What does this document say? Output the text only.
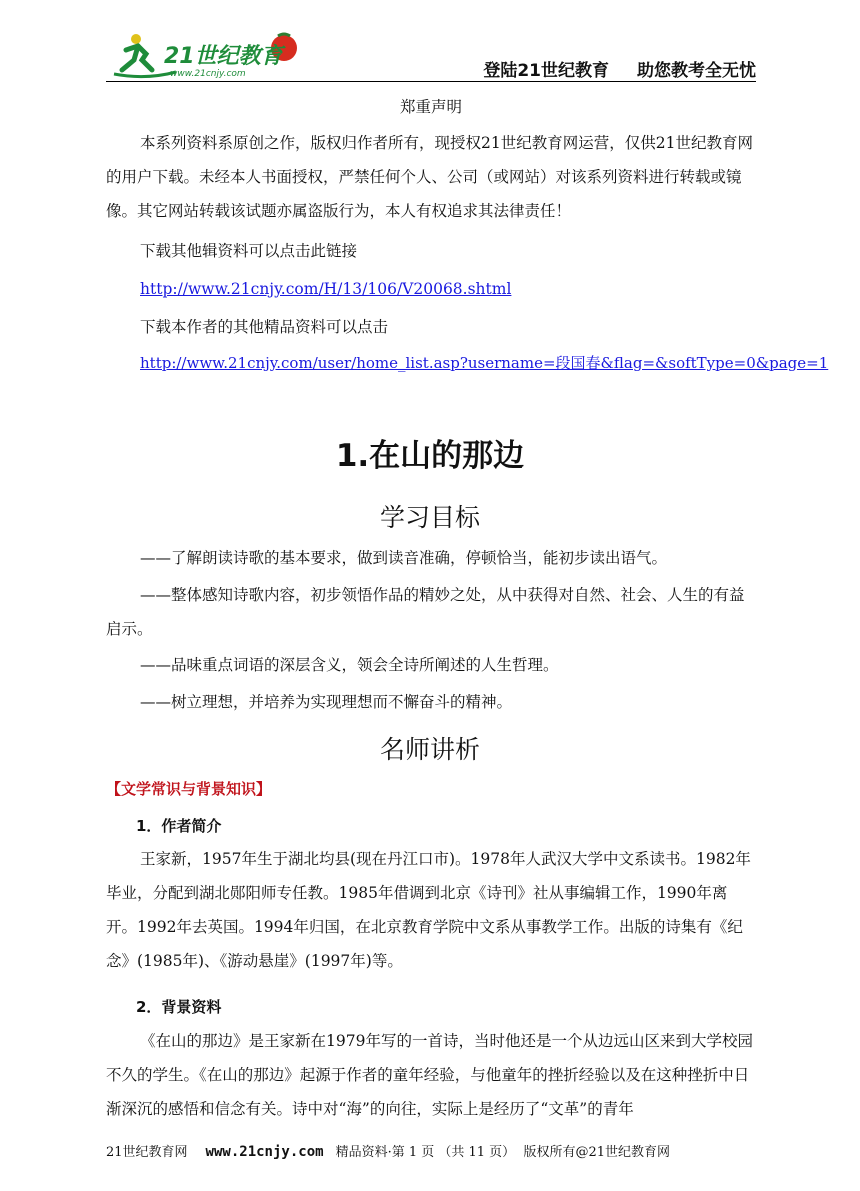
21世纪教育
www.21cnjy.com	登陆21世纪教育 助您教考全无忧
郑重声明
本系列资料系原创之作，版权归作者所有，现授权21世纪教育网运营，仅供21世纪教育网的用户下载。未经本人书面授权，严禁任何个人、公司（或网站）对该系列资料进行转载或镜像。其它网站转载该试题亦属盗版行为，本人有权追求其法律责任！
下载其他辑资料可以点击此链接
http://www.21cnjy.com/H/13/106/V20068.shtml
下载本作者的其他精品资料可以点击
http://www.21cnjy.com/user/home_list.asp?username=段国春&flag=&softType=0&page=1
1.在山的那边
学习目标
——了解朗读诗歌的基本要求，做到读音准确，停顿恰当，能初步读出语气。
——整体感知诗歌内容，初步领悟作品的精妙之处，从中获得对自然、社会、人生的有益启示。
——品味重点词语的深层含义，领会全诗所阐述的人生哲理。
——树立理想，并培养为实现理想而不懈奋斗的精神。
名师讲析
【文学常识与背景知识】
1．作者简介
王家新，1957年生于湖北均县(现在丹江口市)。1978年人武汉大学中文系读书。1982年毕业，分配到湖北郧阳师专任教。1985年借调到北京《诗刊》社从事编辑工作，1990年离开。1992年去英国。1994年归国，在北京教育学院中文系从事教学工作。出版的诗集有《纪念》(1985年)、《游动悬崖》(1997年)等。
2．背景资料
《在山的那边》是王家新在1979年写的一首诗，当时他还是一个从边远山区来到大学校园不久的学生。《在山的那边》起源于作者的童年经验，与他童年的挫折经验以及在这种挫折中日渐深沉的感悟和信念有关。诗中对“海”的向往，实际上是经历了“文革”的青年
21世纪教育网 www.21cnjy.com 精品资料·第 1 页 （共 11 页） 版权所有@21世纪教育网
